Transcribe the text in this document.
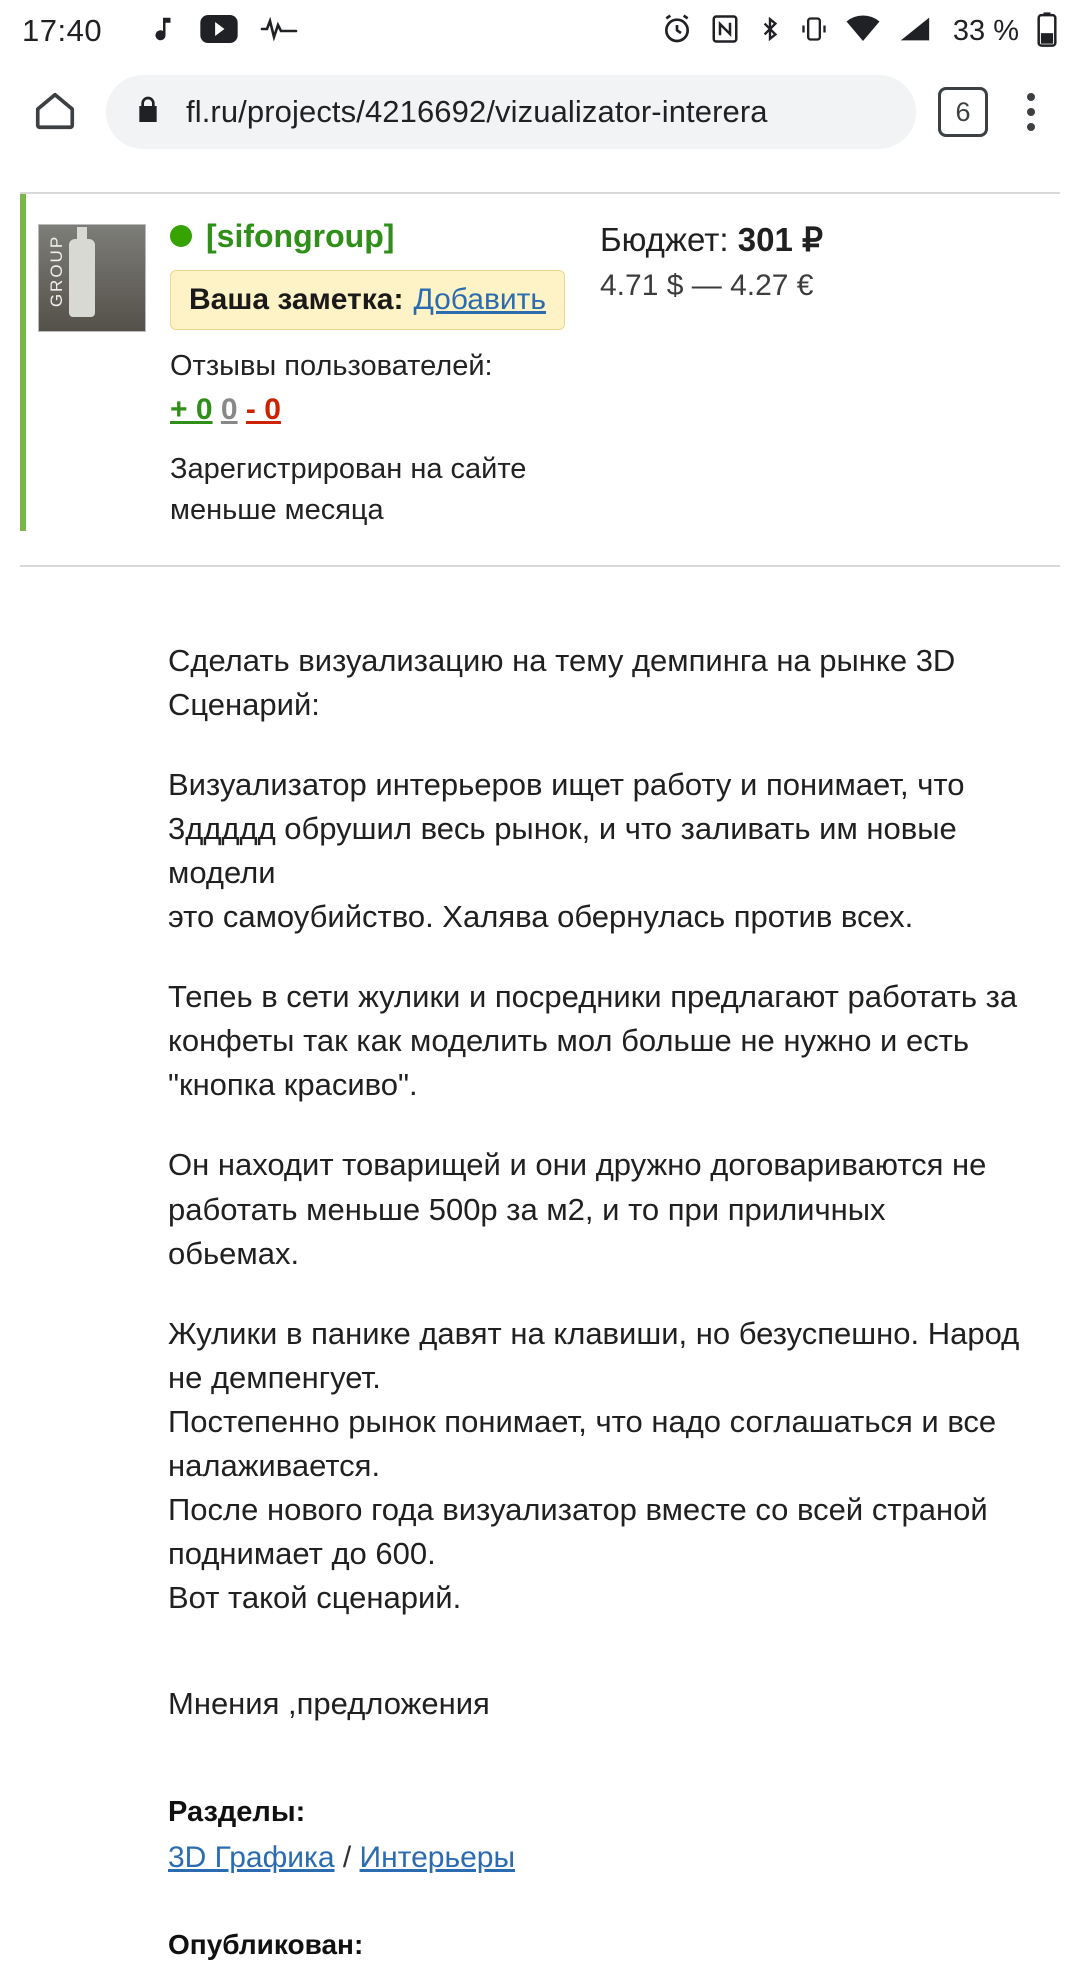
17:40	33 %
fl.ru/projects/4216692/vizualizator-interera	6
GROUP	[sifongroup]
Ваша заметка: Добавить
Отзывы пользователей:
+ 0 0 - 0
Зарегистрирован на сайте меньше месяца
Бюджет: 301 ₽
4.71 $ — 4.27 €

Сделать визуализацию на тему демпинга на рынке 3D

Сценарий:

Визуализатор интерьеров ищет работу и понимает, что 3ддддд обрушил весь рынок, и что заливать им новые модели

это самоубийство. Халява обернулась против всех.

Тепеь в сети жулики и посредники предлагают работать за конфеты так как моделить мол больше не нужно и есть "кнопка красиво".

Он находит товарищей и они дружно договариваются не работать меньше 500р за м2, и то при приличных обьемах.

Жулики в панике давят на клавиши, но безуспешно. Народ не демпенгует.

Постепенно рынок понимает, что надо соглашаться и все налаживается.

После нового года визуализатор вместе со всей страной поднимает до 600.

Вот такой сценарий.

Мнения ,предложения
Разделы:
3D Графика / Интерьеры
Опубликован:
